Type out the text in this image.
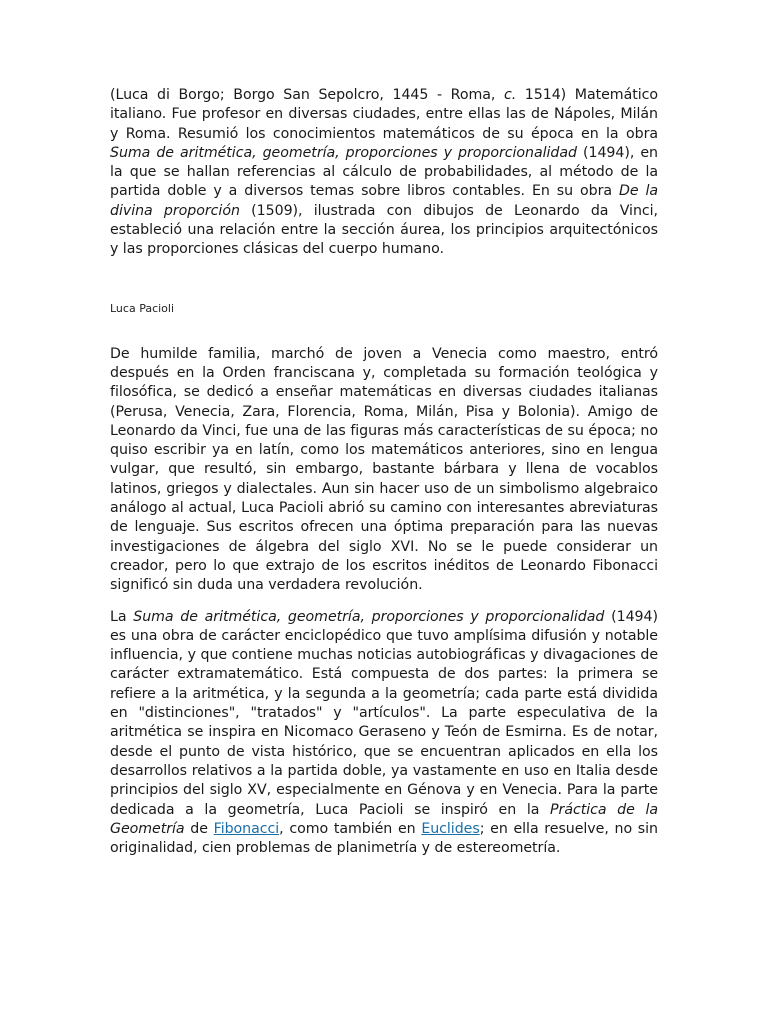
(Luca di Borgo; Borgo San Sepolcro, 1445 - Roma, c. 1514) Matemático italiano. Fue profesor en diversas ciudades, entre ellas las de Nápoles, Milán y Roma. Resumió los conocimientos matemáticos de su época en la obra Suma de aritmética, geometría, proporciones y proporcionalidad (1494), en la que se hallan referencias al cálculo de probabilidades, al método de la partida doble y a diversos temas sobre libros contables. En su obra De la divina proporción (1509), ilustrada con dibujos de Leonardo da Vinci, estableció una relación entre la sección áurea, los principios arquitectónicos y las proporciones clásicas del cuerpo humano.

Luca Pacioli

De humilde familia, marchó de joven a Venecia como maestro, entró después en la Orden franciscana y, completada su formación teológica y filosófica, se dedicó a enseñar matemáticas en diversas ciudades italianas (Perusa, Venecia, Zara, Florencia, Roma, Milán, Pisa y Bolonia). Amigo de Leonardo da Vinci, fue una de las figuras más características de su época; no quiso escribir ya en latín, como los matemáticos anteriores, sino en lengua vulgar, que resultó, sin embargo, bastante bárbara y llena de vocablos latinos, griegos y dialectales. Aun sin hacer uso de un simbolismo algebraico análogo al actual, Luca Pacioli abrió su camino con interesantes abreviaturas de lenguaje. Sus escritos ofrecen una óptima preparación para las nuevas investigaciones de álgebra del siglo XVI. No se le puede considerar un creador, pero lo que extrajo de los escritos inéditos de Leonardo Fibonacci significó sin duda una verdadera revolución.

La Suma de aritmética, geometría, proporciones y proporcionalidad (1494) es una obra de carácter enciclopédico que tuvo amplísima difusión y notable influencia, y que contiene muchas noticias autobiográficas y divagaciones de carácter extramatemático. Está compuesta de dos partes: la primera se refiere a la aritmética, y la segunda a la geometría; cada parte está dividida en "distinciones", "tratados" y "artículos". La parte especulativa de la aritmética se inspira en Nicomaco Geraseno y Teón de Esmirna. Es de notar, desde el punto de vista histórico, que se encuentran aplicados en ella los desarrollos relativos a la partida doble, ya vastamente en uso en Italia desde principios del siglo XV, especialmente en Génova y en Venecia. Para la parte dedicada a la geometría, Luca Pacioli se inspiró en la Práctica de la Geometría de Fibonacci, como también en Euclides; en ella resuelve, no sin originalidad, cien problemas de planimetría y de estereometría.
